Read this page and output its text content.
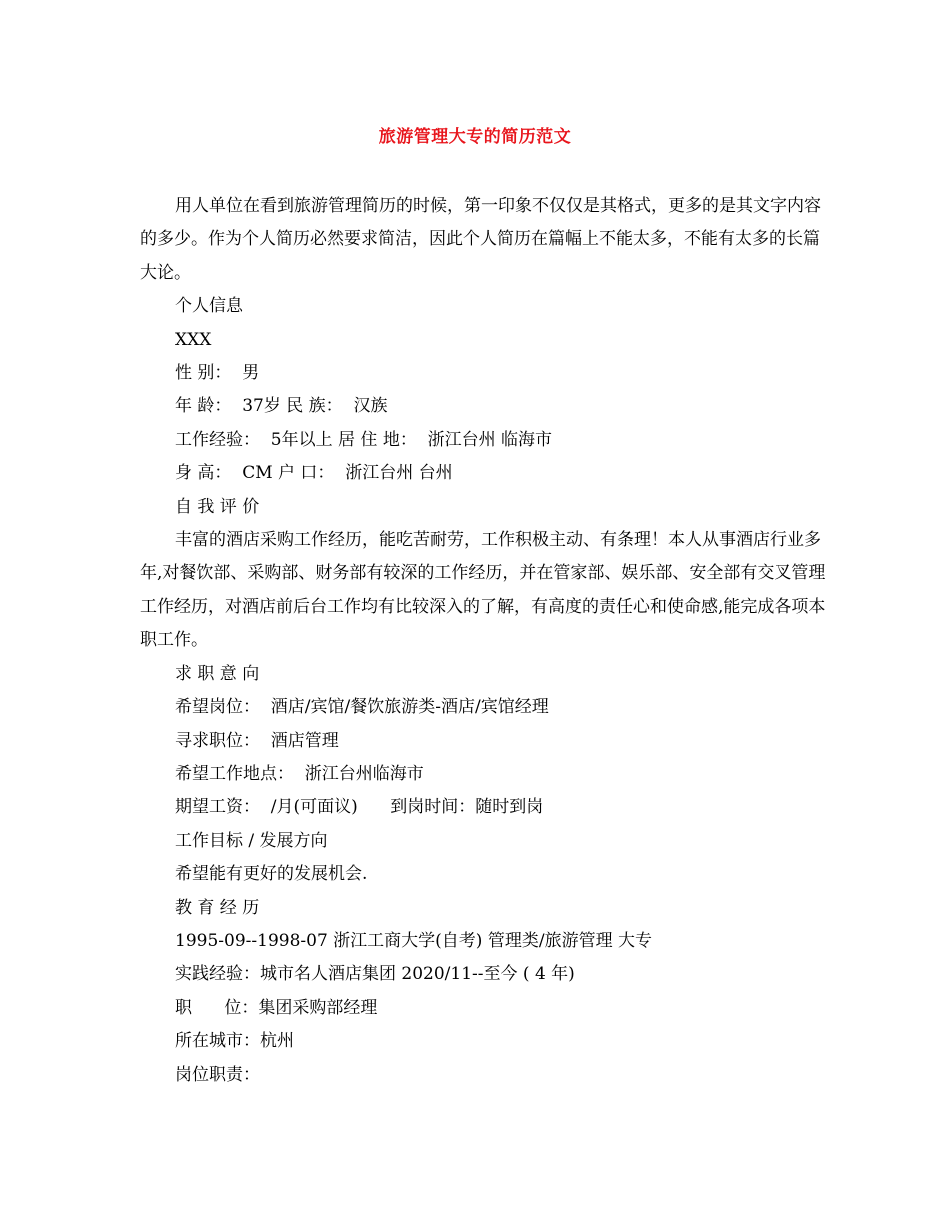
旅游管理大专的简历范文

用人单位在看到旅游管理简历的时候，第一印象不仅仅是其格式，更多的是其文字内容的多少。作为个人简历必然要求简洁，因此个人简历在篇幅上不能太多，不能有太多的长篇大论。

个人信息

XXX

性 别：  男

年 龄：  37岁 民 族：  汉族

工作经验：  5年以上 居 住 地：  浙江台州 临海市

身 高：  CM 户 口：  浙江台州 台州

自 我 评 价

丰富的酒店采购工作经历，能吃苦耐劳，工作积极主动、有条理！本人从事酒店行业多年,对餐饮部、采购部、财务部有较深的工作经历，并在管家部、娱乐部、安全部有交叉管理工作经历，对酒店前后台工作均有比较深入的了解，有高度的责任心和使命感,能完成各项本职工作。

求 职 意 向

希望岗位：  酒店/宾馆/餐饮旅游类-酒店/宾馆经理

寻求职位：  酒店管理

希望工作地点：  浙江台州临海市

期望工资：  /月(可面议)      到岗时间：随时到岗

工作目标 / 发展方向

希望能有更好的发展机会.

教 育 经 历

1995-09--1998-07 浙江工商大学(自考) 管理类/旅游管理 大专

实践经验：城市名人酒店集团 2020/11--至今 ( 4 年)

职      位：集团采购部经理

所在城市：杭州

岗位职责：
